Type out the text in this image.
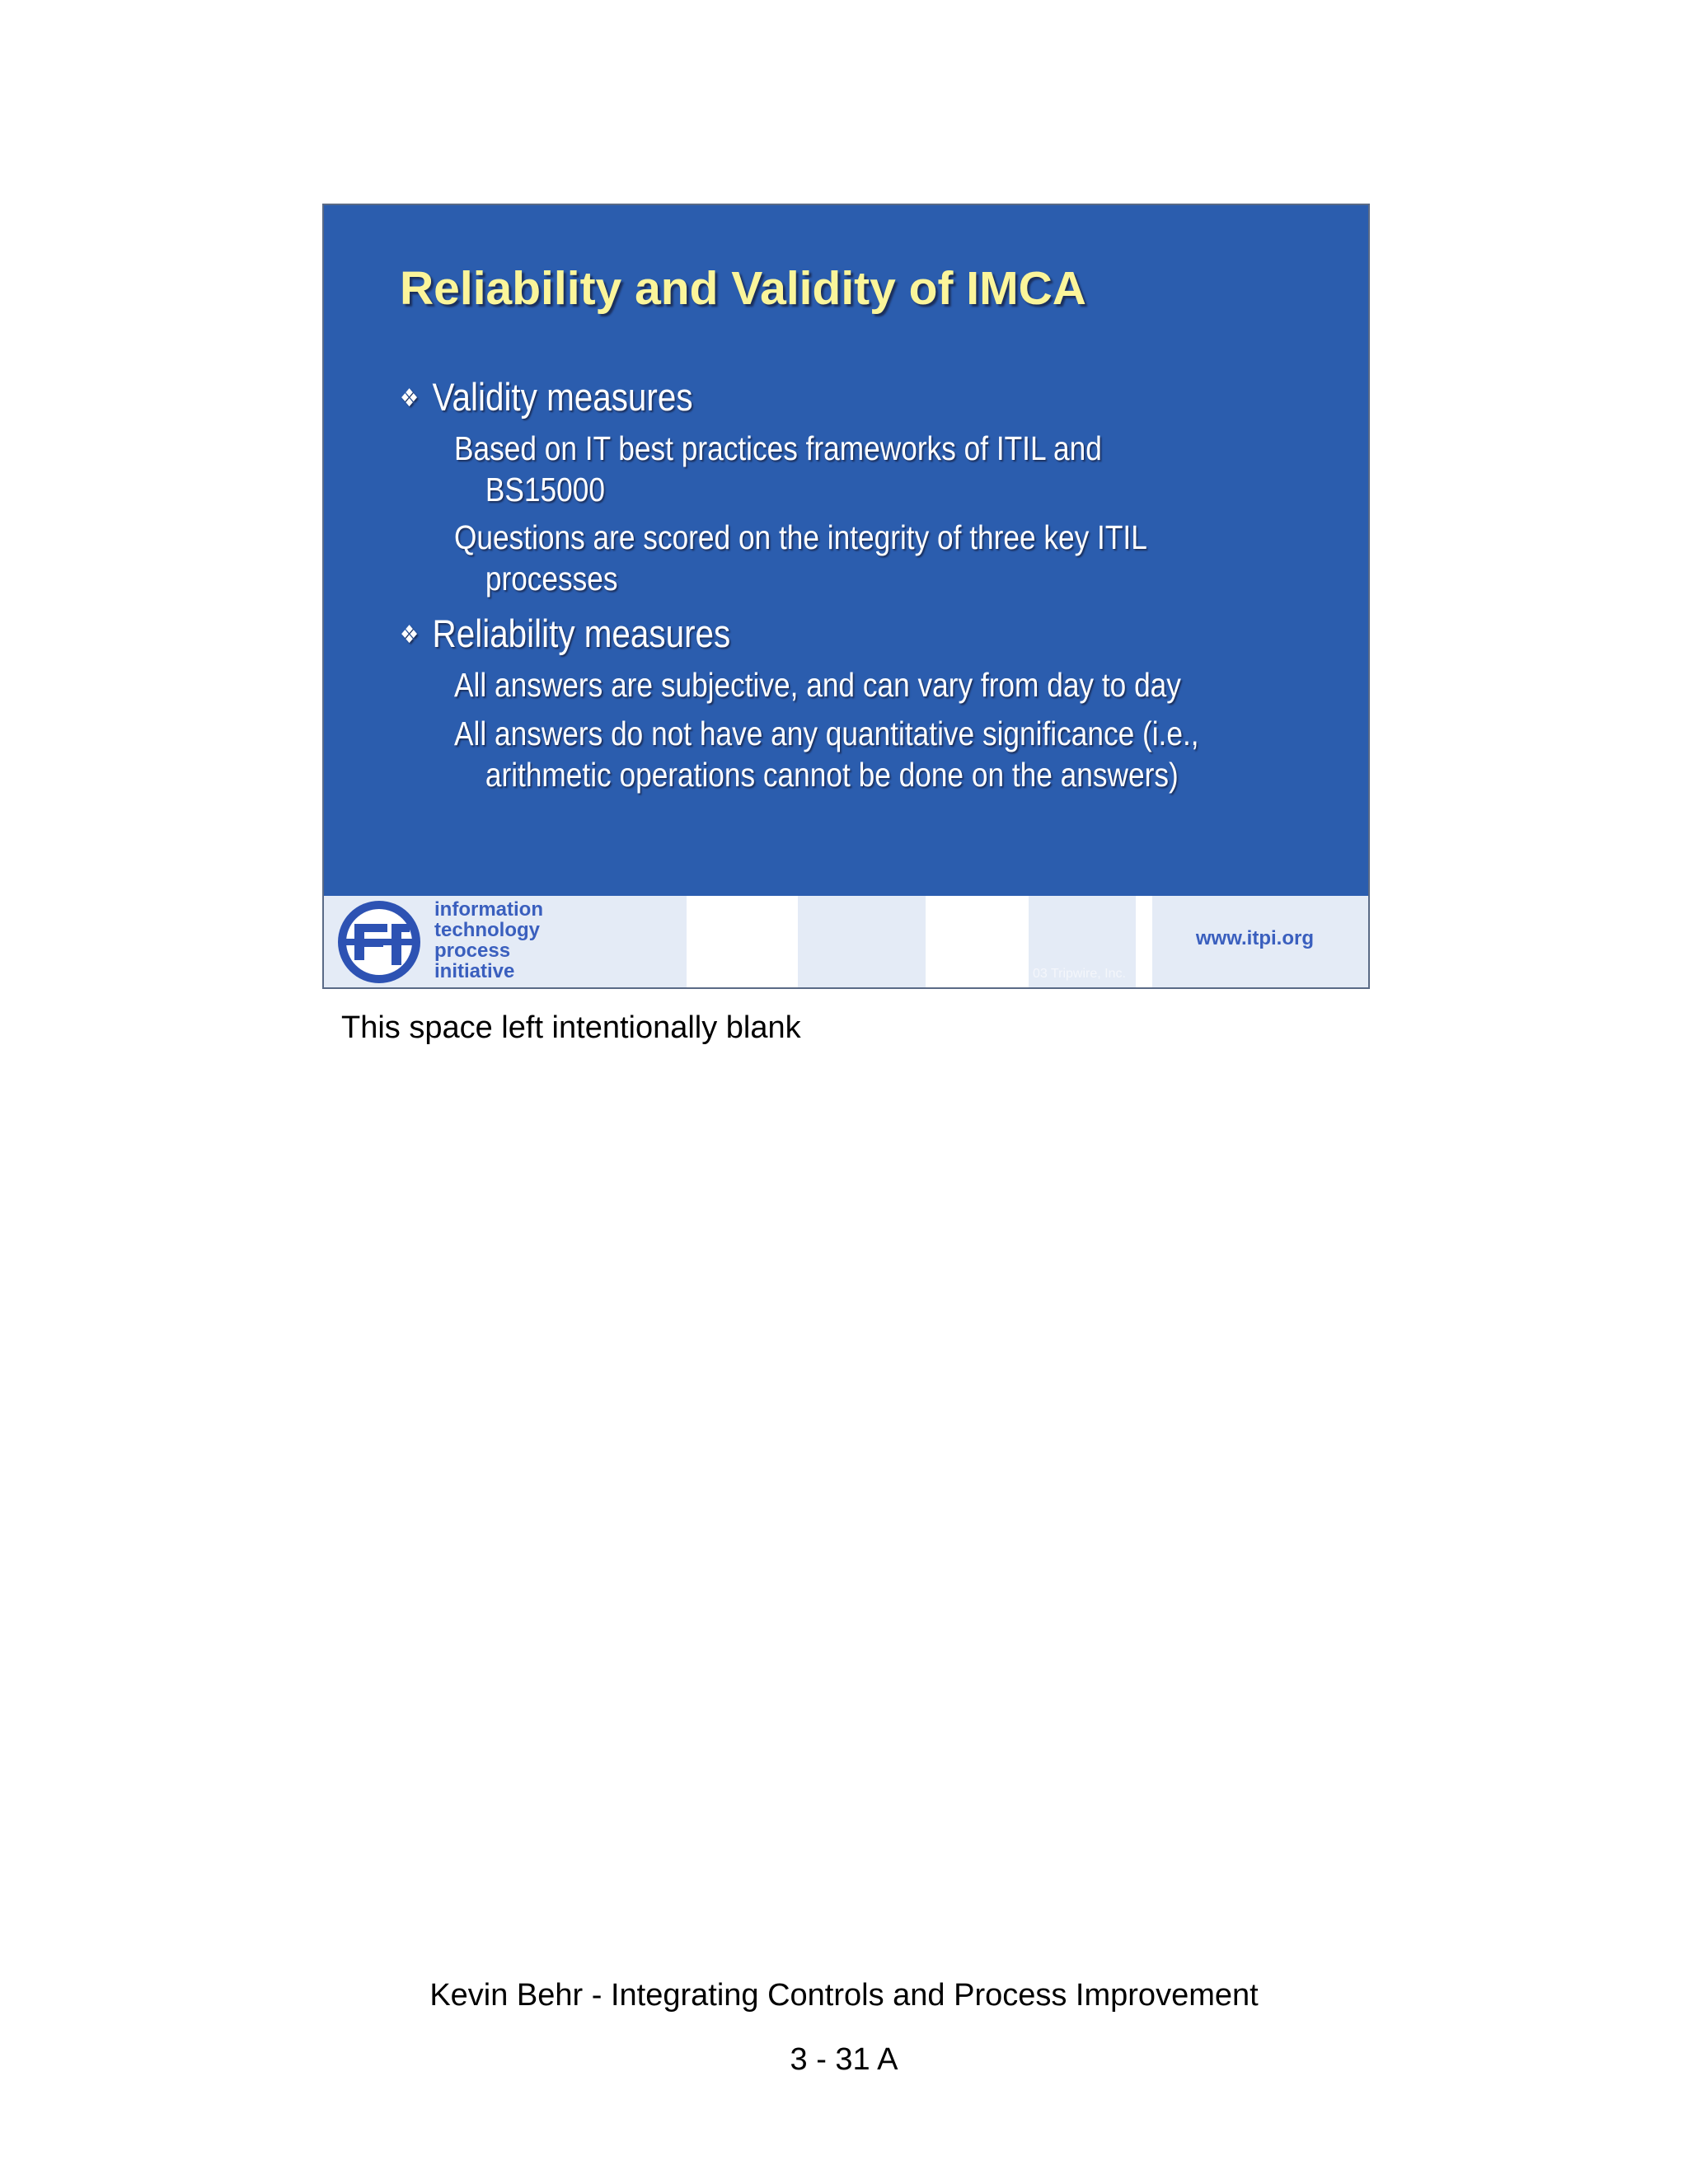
Reliability and Validity of IMCA
❖ Validity measures
Based on IT best practices frameworks of ITIL and
BS15000
Questions are scored on the integrity of three key ITIL
processes
❖ Reliability measures
All answers are subjective, and can vary from day to day
All answers do not have any quantitative significance (i.e.,
arithmetic operations cannot be done on the answers)
information
technology
process
initiative	03 Tripwire, Inc.
www.itpi.org
This space left intentionally blank
Kevin Behr - Integrating Controls and Process Improvement
3 - 31 A
